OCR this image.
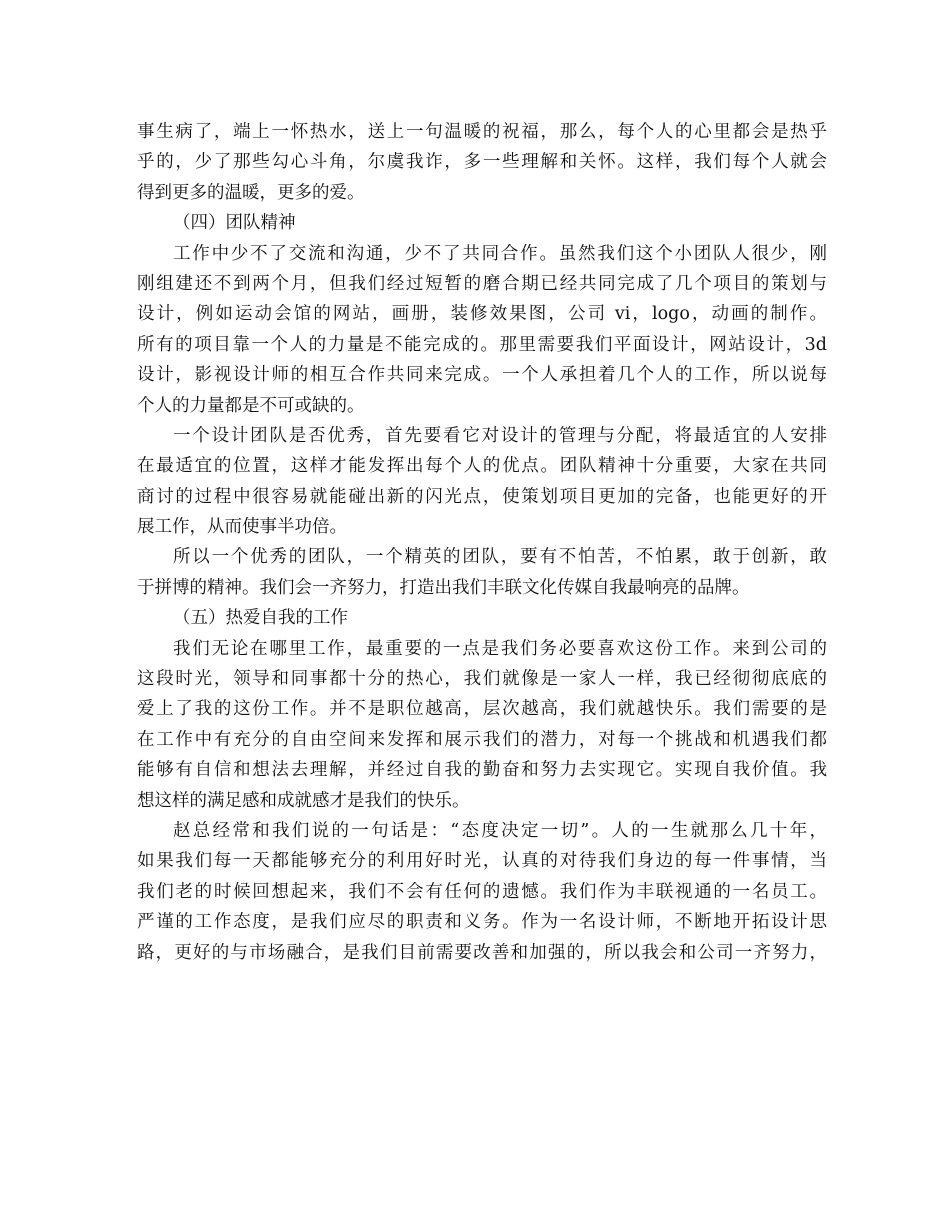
事生病了，端上一怀热水，送上一句温暖的祝福，那么，每个人的心里都会是热乎
乎的，少了那些勾心斗角，尔虞我诈，多一些理解和关怀。这样，我们每个人就会
得到更多的温暖，更多的爱。
（四）团队精神
工作中少不了交流和沟通，少不了共同合作。虽然我们这个小团队人很少，刚
刚组建还不到两个月，但我们经过短暂的磨合期已经共同完成了几个项目的策划与
设计，例如运动会馆的网站，画册，装修效果图，公司 vi，logo，动画的制作。
所有的项目靠一个人的力量是不能完成的。那里需要我们平面设计，网站设计，3d
设计，影视设计师的相互合作共同来完成。一个人承担着几个人的工作，所以说每
个人的力量都是不可或缺的。
一个设计团队是否优秀，首先要看它对设计的管理与分配，将最适宜的人安排
在最适宜的位置，这样才能发挥出每个人的优点。团队精神十分重要，大家在共同
商讨的过程中很容易就能碰出新的闪光点，使策划项目更加的完备，也能更好的开
展工作，从而使事半功倍。
所以一个优秀的团队，一个精英的团队，要有不怕苦，不怕累，敢于创新，敢
于拼博的精神。我们会一齐努力，打造出我们丰联文化传媒自我最响亮的品牌。
（五）热爱自我的工作
我们无论在哪里工作，最重要的一点是我们务必要喜欢这份工作。来到公司的
这段时光，领导和同事都十分的热心，我们就像是一家人一样，我已经彻彻底底的
爱上了我的这份工作。并不是职位越高，层次越高，我们就越快乐。我们需要的是
在工作中有充分的自由空间来发挥和展示我们的潜力，对每一个挑战和机遇我们都
能够有自信和想法去理解，并经过自我的勤奋和努力去实现它。实现自我价值。我
想这样的满足感和成就感才是我们的快乐。
赵总经常和我们说的一句话是：“态度决定一切”。人的一生就那么几十年，
如果我们每一天都能够充分的利用好时光，认真的对待我们身边的每一件事情，当
我们老的时候回想起来，我们不会有任何的遗憾。我们作为丰联视通的一名员工。
严谨的工作态度，是我们应尽的职责和义务。作为一名设计师，不断地开拓设计思
路，更好的与市场融合，是我们目前需要改善和加强的，所以我会和公司一齐努力，
